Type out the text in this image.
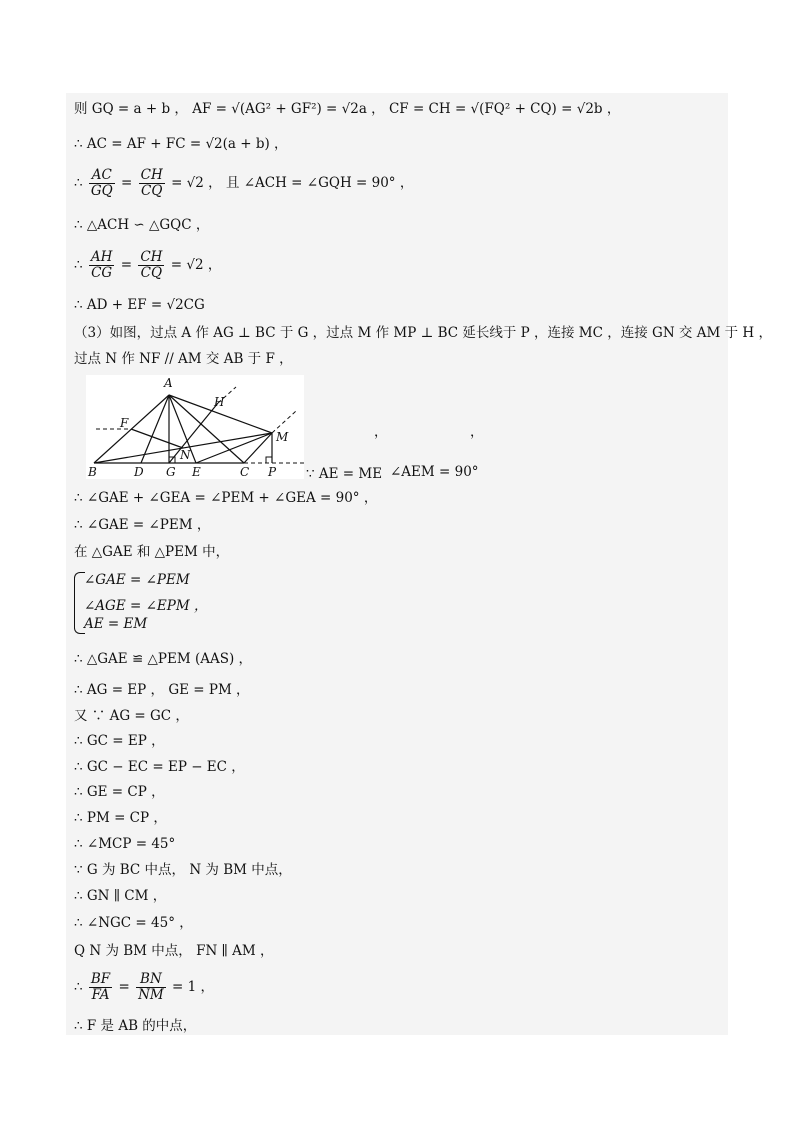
则 GQ = a + b ， AF = √(AG² + GF²) = √2a ， CF = CH = √(FQ² + CQ) = √2b ，
∴ AC = AF + FC = √2(a + b) ，
∴ $\frac{AC}{GQ} = \frac{CH}{CQ} = √2$ ， 且 ∠ACH = ∠GQH = 90° ，
∴ △ACH ∽ △GQC ，
∴ $\frac{AH}{CG} = \frac{CH}{CQ} = √2$ ，
∴ AD + EF = √2CG
（3）如图，过点 A 作 AG ⊥ BC 于 G ，过点 M 作 MP ⊥ BC 延长线于 P ，连接 MC ，连接 GN 交 AM 于 H ，
过点 N 作 NF // AM 交 AB 于 F ，
A
H
F
M
N
B	D G E	C P
，	，
∵ AE = ME ∠AEM = 90°
∴ ∠GAE + ∠GEA = ∠PEM + ∠GEA = 90° ，
∴ ∠GAE = ∠PEM ，
在 △GAE 和 △PEM 中，
∠GAE = ∠PEM
∠AGE = ∠EPM ，
AE = EM
∴ △GAE ≌ △PEM (AAS) ，
∴ AG = EP ， GE = PM ，
又 ∵ AG = GC ，
∴ GC = EP ，
∴ GC − EC = EP − EC ，
∴ GE = CP ，
∴ PM = CP ，
∴ ∠MCP = 45°
∵ G 为 BC 中点， N 为 BM 中点，
∴ GN ∥ CM ，
∴ ∠NGC = 45° ，
Q N 为 BM 中点， FN ∥ AM ，
∴ $\frac{BF}{FA} = \frac{BN}{NM} = 1$ ，
∴ F 是 AB 的中点，
